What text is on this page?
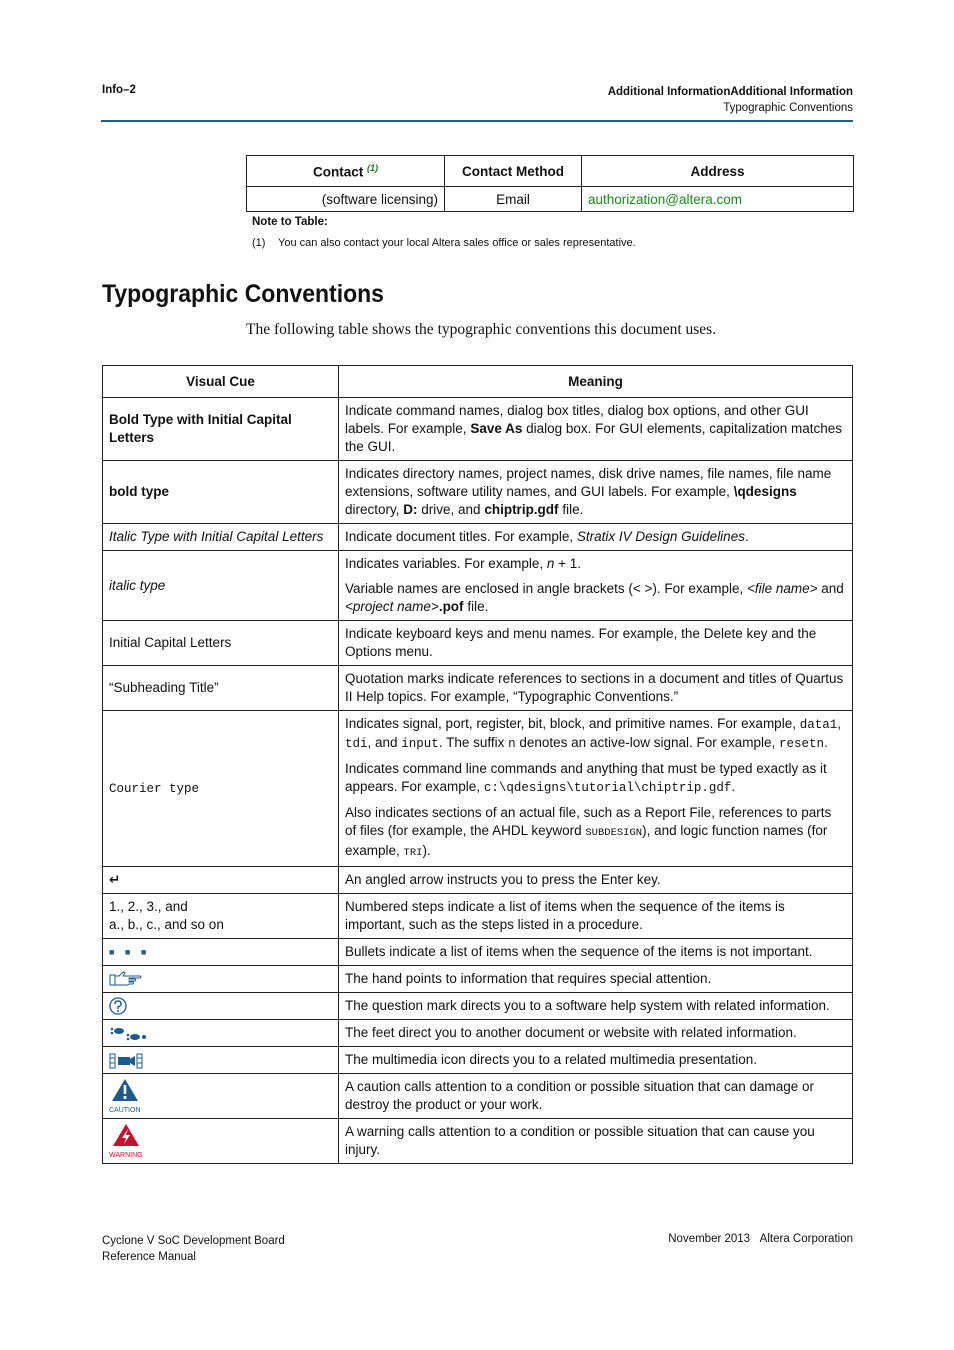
Info–2	Additional InformationAdditional Information
Typographic Conventions
Contact $^{(1)}$	Contact Method	Address
(software licensing)	Email	authorization@altera.com
Note to Table:
(1) You can also contact your local Altera sales office or sales representative.
Typographic Conventions
The following table shows the typographic conventions this document uses.
Visual Cue	Meaning
Bold Type with Initial Capital Letters	Indicate command names, dialog box titles, dialog box options, and other GUI labels. For example, Save As dialog box. For GUI elements, capitalization matches the GUI.
bold type	Indicates directory names, project names, disk drive names, file names, file name extensions, software utility names, and GUI labels. For example, \qdesigns directory, D: drive, and chiptrip.gdf file.
Italic Type with Initial Capital Letters	Indicate document titles. For example, Stratix IV Design Guidelines.
italic type	Indicates variables. For example, n + 1.

Variable names are enclosed in angle brackets (< >). For example, <file name> and <project name>.pof file.

Initial Capital Letters	Indicate keyboard keys and menu names. For example, the Delete key and the Options menu.
“Subheading Title”	Quotation marks indicate references to sections in a document and titles of Quartus II Help topics. For example, “Typographic Conventions.”
Courier type	Indicates signal, port, register, bit, block, and primitive names. For example, data1, tdi, and input. The suffix n denotes an active-low signal. For example, resetn.

Indicates command line commands and anything that must be typed exactly as it appears. For example, c:\qdesigns\tutorial\chiptrip.gdf.

Also indicates sections of an actual file, such as a Report File, references to parts of files (for example, the AHDL keyword SUBDESIGN), and logic function names (for example, TRI).

↵	An angled arrow instructs you to press the Enter key.

1., 2., 3., and
a., b., c., and so on	Numbered steps indicate a list of items when the sequence of the items is important, such as the steps listed in a procedure.
■ ■ ■	Bullets indicate a list of items when the sequence of the items is not important.
	The hand points to information that requires special attention.
	The question mark directs you to a software help system with related information.
	The feet direct you to another document or website with related information.
	The multimedia icon directs you to a related multimedia presentation.

CAUTION	A caution calls attention to a condition or possible situation that can damage or destroy the product or your work.

WARNING	A warning calls attention to a condition or possible situation that can cause you injury.
Cyclone V SoC Development Board
Reference Manual
November 2013 Altera Corporation
